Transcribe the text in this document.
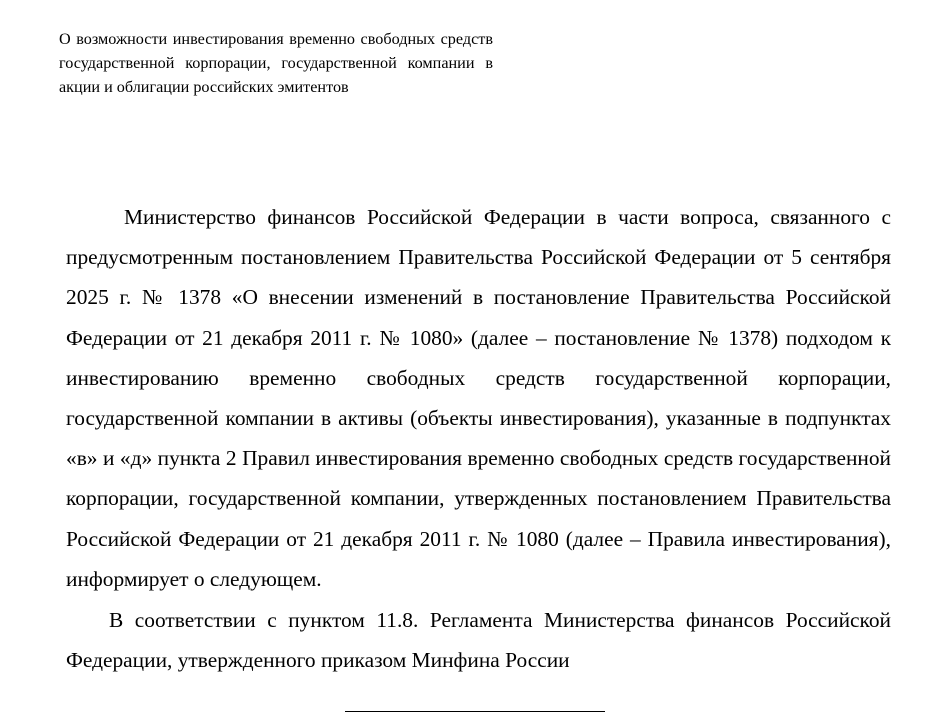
О возможности инвестирования временно свободных средств государственной корпорации, государственной компании в акции и облигации российских эмитентов

Министерство финансов Российской Федерации в части вопроса, связанного с предусмотренным постановлением Правительства Российской Федерации от 5 сентября 2025 г. № 1378 «О внесении изменений в постановление Правительства Российской Федерации от 21 декабря 2011 г. № 1080» (далее – постановление № 1378) подходом к инвестированию временно свободных средств государственной корпорации, государственной компании в активы (объекты инвестирования), указанные в подпунктах «в» и «д» пункта 2 Правил инвестирования временно свободных средств государственной корпорации, государственной компании, утвержденных постановлением Правительства Российской Федерации от 21 декабря 2011 г. № 1080 (далее – Правила инвестирования), информирует о следующем.

В соответствии с пунктом 11.8. Регламента Министерства финансов Российской Федерации, утвержденного приказом Минфина России
